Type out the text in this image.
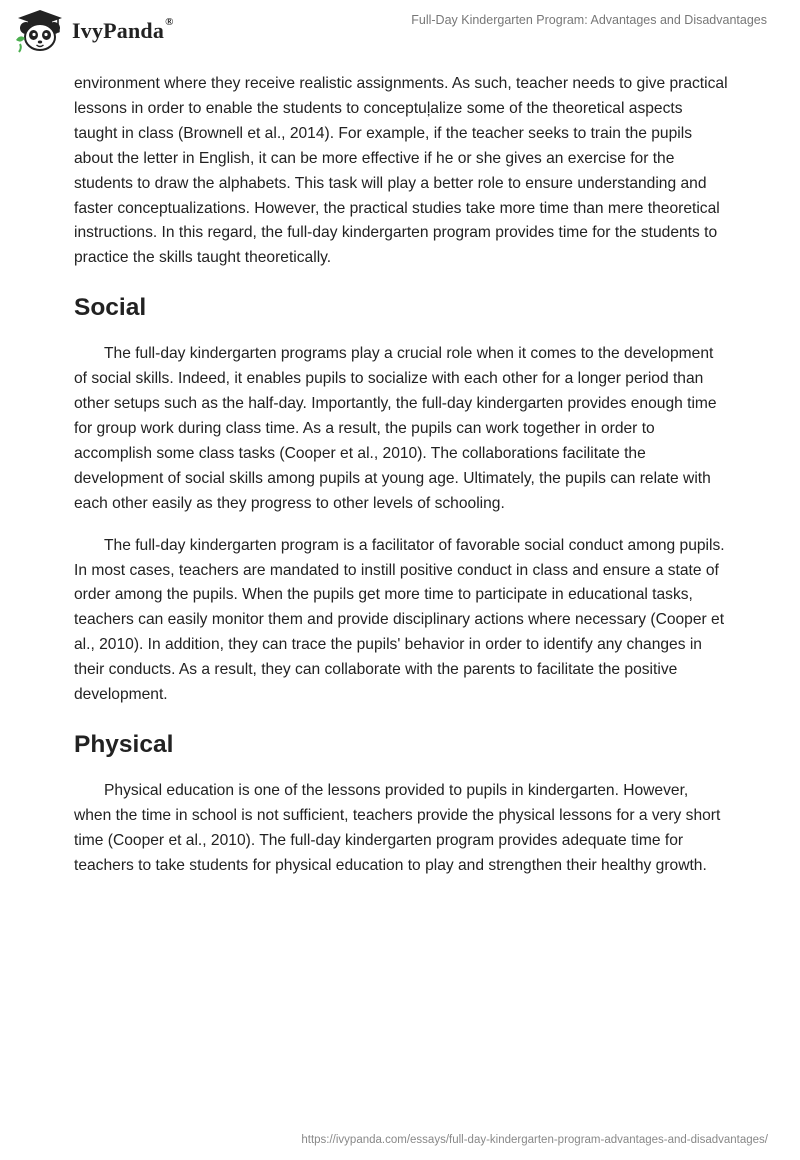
IvyPanda®	Full-Day Kindergarten Program: Advantages and Disadvantages

environment where they receive realistic assignments. As such, teacher needs to give practical lessons in order to enable the students to conceptuļalize some of the theoretical aspects taught in class (Brownell et al., 2014). For example, if the teacher seeks to train the pupils about the letter in English, it can be more effective if he or she gives an exercise for the students to draw the alphabets. This task will play a better role to ensure understanding and faster conceptualizations. However, the practical studies take more time than mere theoretical instructions. In this regard, the full-day kindergarten program provides time for the students to practice the skills taught theoretically.

Social

The full-day kindergarten programs play a crucial role when it comes to the development of social skills. Indeed, it enables pupils to socialize with each other for a longer period than other setups such as the half-day. Importantly, the full-day kindergarten provides enough time for group work during class time. As a result, the pupils can work together in order to accomplish some class tasks (Cooper et al., 2010). The collaborations facilitate the development of social skills among pupils at young age. Ultimately, the pupils can relate with each other easily as they progress to other levels of schooling.

The full-day kindergarten program is a facilitator of favorable social conduct among pupils. In most cases, teachers are mandated to instill positive conduct in class and ensure a state of order among the pupils. When the pupils get more time to participate in educational tasks, teachers can easily monitor them and provide disciplinary actions where necessary (Cooper et al., 2010). In addition, they can trace the pupils' behavior in order to identify any changes in their conducts. As a result, they can collaborate with the parents to facilitate the positive development.

Physical

Physical education is one of the lessons provided to pupils in kindergarten. However, when the time in school is not sufficient, teachers provide the physical lessons for a very short time (Cooper et al., 2010). The full-day kindergarten program provides adequate time for teachers to take students for physical education to play and strengthen their healthy growth.

https://ivypanda.com/essays/full-day-kindergarten-program-advantages-and-disadvantages/
